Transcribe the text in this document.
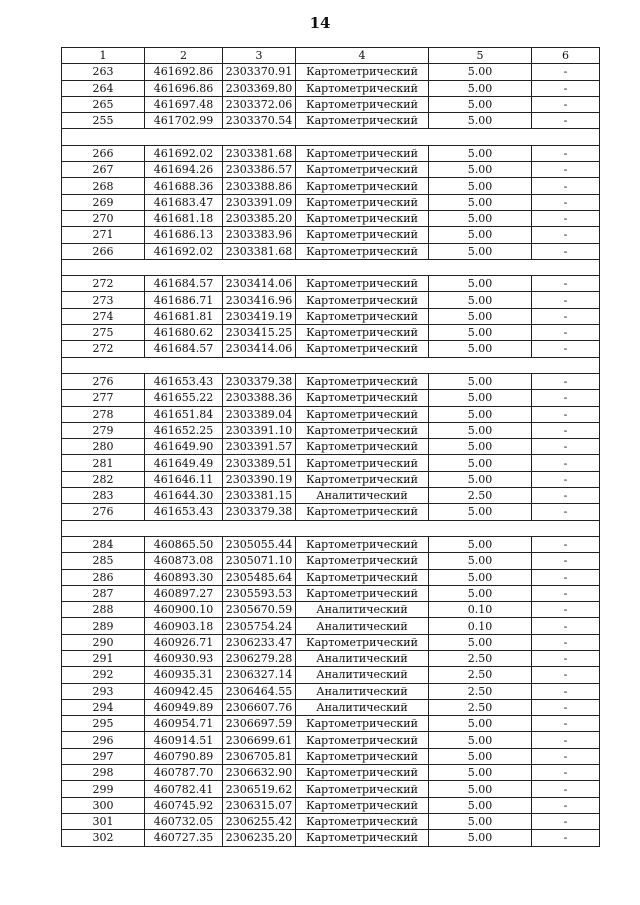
14
1	2	3	4	5	6
263	461692.86	2303370.91	Картометрический	5.00	-
264	461696.86	2303369.80	Картометрический	5.00	-
265	461697.48	2303372.06	Картометрический	5.00	-
255	461702.99	2303370.54	Картометрический	5.00	-

266	461692.02	2303381.68	Картометрический	5.00	-
267	461694.26	2303386.57	Картометрический	5.00	-
268	461688.36	2303388.86	Картометрический	5.00	-
269	461683.47	2303391.09	Картометрический	5.00	-
270	461681.18	2303385.20	Картометрический	5.00	-
271	461686.13	2303383.96	Картометрический	5.00	-
266	461692.02	2303381.68	Картометрический	5.00	-

272	461684.57	2303414.06	Картометрический	5.00	-
273	461686.71	2303416.96	Картометрический	5.00	-
274	461681.81	2303419.19	Картометрический	5.00	-
275	461680.62	2303415.25	Картометрический	5.00	-
272	461684.57	2303414.06	Картометрический	5.00	-

276	461653.43	2303379.38	Картометрический	5.00	-
277	461655.22	2303388.36	Картометрический	5.00	-
278	461651.84	2303389.04	Картометрический	5.00	-
279	461652.25	2303391.10	Картометрический	5.00	-
280	461649.90	2303391.57	Картометрический	5.00	-
281	461649.49	2303389.51	Картометрический	5.00	-
282	461646.11	2303390.19	Картометрический	5.00	-
283	461644.30	2303381.15	Аналитический	2.50	-
276	461653.43	2303379.38	Картометрический	5.00	-

284	460865.50	2305055.44	Картометрический	5.00	-
285	460873.08	2305071.10	Картометрический	5.00	-
286	460893.30	2305485.64	Картометрический	5.00	-
287	460897.27	2305593.53	Картометрический	5.00	-
288	460900.10	2305670.59	Аналитический	0.10	-
289	460903.18	2305754.24	Аналитический	0.10	-
290	460926.71	2306233.47	Картометрический	5.00	-
291	460930.93	2306279.28	Аналитический	2.50	-
292	460935.31	2306327.14	Аналитический	2.50	-
293	460942.45	2306464.55	Аналитический	2.50	-
294	460949.89	2306607.76	Аналитический	2.50	-
295	460954.71	2306697.59	Картометрический	5.00	-
296	460914.51	2306699.61	Картометрический	5.00	-
297	460790.89	2306705.81	Картометрический	5.00	-
298	460787.70	2306632.90	Картометрический	5.00	-
299	460782.41	2306519.62	Картометрический	5.00	-
300	460745.92	2306315.07	Картометрический	5.00	-
301	460732.05	2306255.42	Картометрический	5.00	-
302	460727.35	2306235.20	Картометрический	5.00	-
